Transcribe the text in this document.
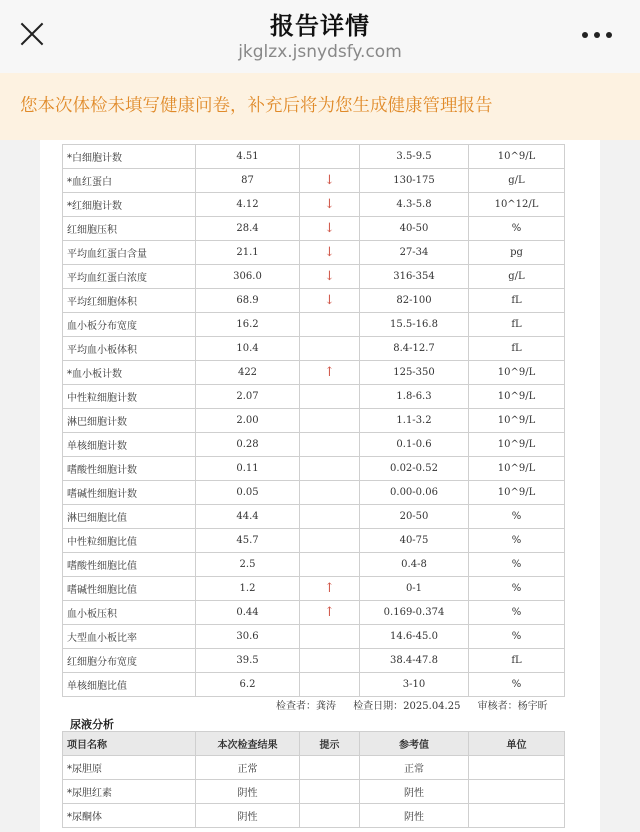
报告详情
jkglzx.jsnydsfy.com
您本次体检未填写健康问卷，补充后将为您生成健康管理报告
*白细胞计数	4.51		3.5-9.5	10^9/L
*血红蛋白	87	↓	130-175	g/L
*红细胞计数	4.12	↓	4.3-5.8	10^12/L
红细胞压积	28.4	↓	40-50	%
平均血红蛋白含量	21.1	↓	27-34	pg
平均血红蛋白浓度	306.0	↓	316-354	g/L
平均红细胞体积	68.9	↓	82-100	fL
血小板分布宽度	16.2		15.5-16.8	fL
平均血小板体积	10.4		8.4-12.7	fL
*血小板计数	422	↑	125-350	10^9/L
中性粒细胞计数	2.07		1.8-6.3	10^9/L
淋巴细胞计数	2.00		1.1-3.2	10^9/L
单核细胞计数	0.28		0.1-0.6	10^9/L
嗜酸性细胞计数	0.11		0.02-0.52	10^9/L
嗜碱性细胞计数	0.05		0.00-0.06	10^9/L
淋巴细胞比值	44.4		20-50	%
中性粒细胞比值	45.7		40-75	%
嗜酸性细胞比值	2.5		0.4-8	%
嗜碱性细胞比值	1.2	↑	0-1	%
血小板压积	0.44	↑	0.169-0.374	%
大型血小板比率	30.6		14.6-45.0	%
红细胞分布宽度	39.5		38.4-47.8	fL
单核细胞比值	6.2		3-10	%
检查者：龚涛 检查日期：2025.04.25 审核者：杨宇昕
尿液分析
项目名称	本次检查结果	提示	参考值	单位
*尿胆原	正常		正常	
*尿胆红素	阴性		阴性	
*尿酮体	阴性		阴性	
